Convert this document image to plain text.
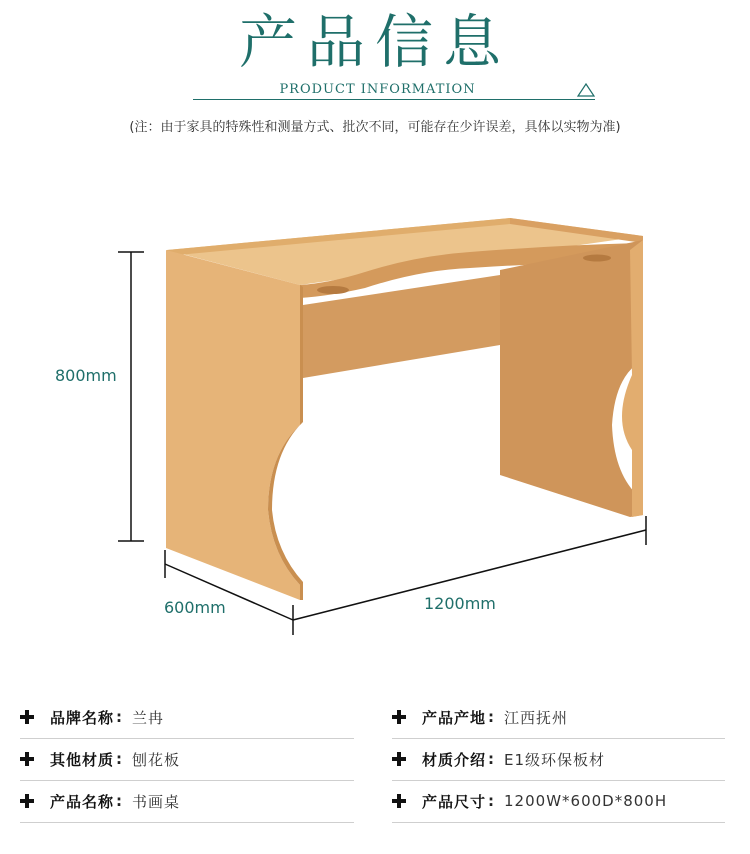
产品信息
PRODUCT INFORMATION
(注：由于家具的特殊性和测量方式、批次不同，可能存在少许误差，具体以实物为准)
800mm
600mm	1200mm
品牌名称 : 兰冉	产品产地 : 江西抚州
其他材质 : 刨花板	材质介绍 : E1级环保板材
产品名称 : 书画桌	产品尺寸 : 1200W*600D*800H
